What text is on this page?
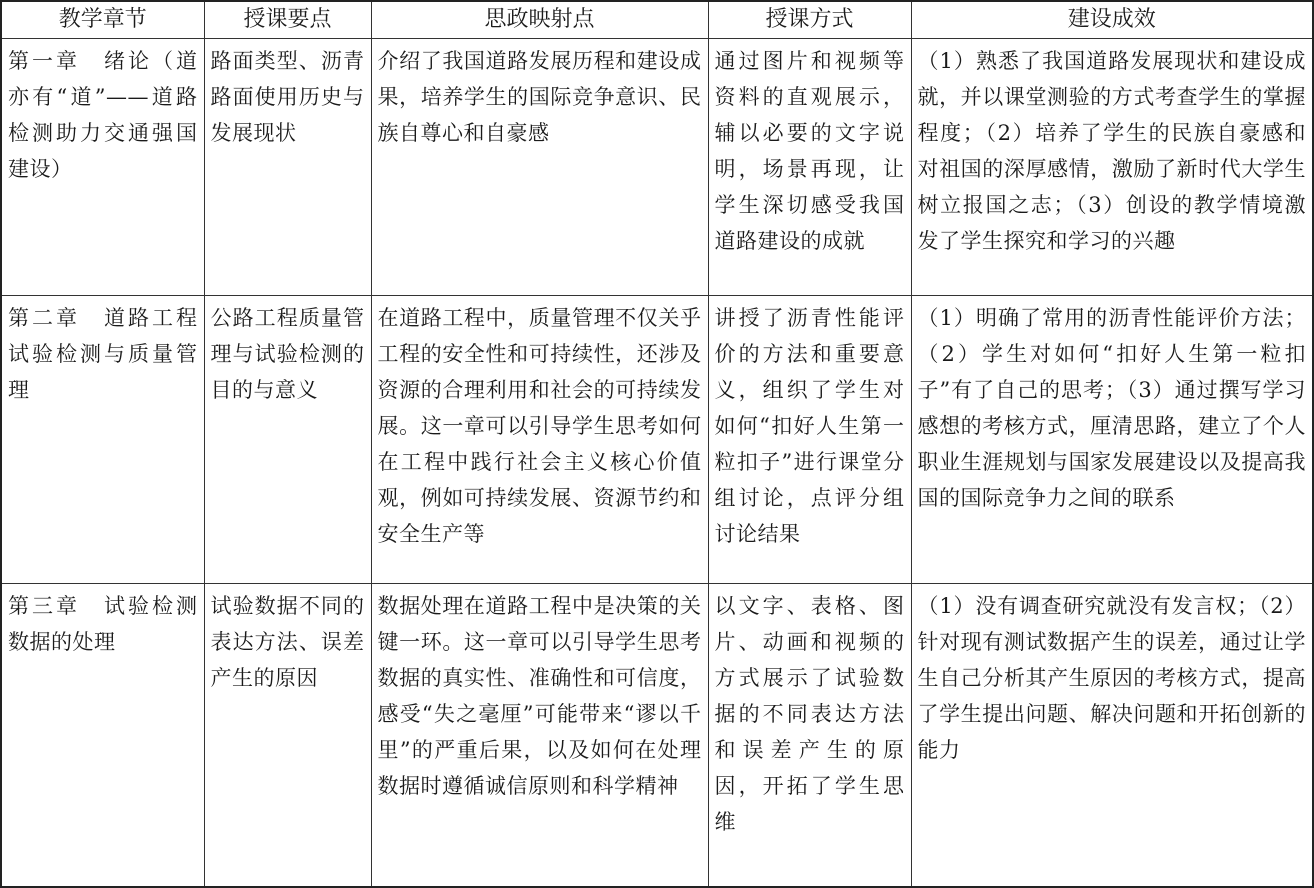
教学章节	授课要点	思政映射点	授课方式	建设成效
第一章　绪论（道亦有“道”——道路检测助力交通强国建设）	路面类型、沥青路面使用历史与发展现状	介绍了我国道路发展历程和建设成果，培养学生的国际竞争意识、民族自尊心和自豪感	通过图片和视频等资料的直观展示，辅以必要的文字说明，场景再现，让学生深切感受我国道路建设的成就	（1）熟悉了我国道路发展现状和建设成就，并以课堂测验的方式考查学生的掌握程度；（2）培养了学生的民族自豪感和对祖国的深厚感情，激励了新时代大学生树立报国之志；（3）创设的教学情境激发了学生探究和学习的兴趣
第二章　道路工程试验检测与质量管理	公路工程质量管理与试验检测的目的与意义	在道路工程中，质量管理不仅关乎工程的安全性和可持续性，还涉及资源的合理利用和社会的可持续发展。这一章可以引导学生思考如何在工程中践行社会主义核心价值观，例如可持续发展、资源节约和安全生产等	讲授了沥青性能评价的方法和重要意义，组织了学生对如何“扣好人生第一粒扣子”进行课堂分组讨论，点评分组讨论结果	（1）明确了常用的沥青性能评价方法；（2）学生对如何“扣好人生第一粒扣子”有了自己的思考；（3）通过撰写学习感想的考核方式，厘清思路，建立了个人职业生涯规划与国家发展建设以及提高我国的国际竞争力之间的联系
第三章　试验检测数据的处理	试验数据不同的表达方法、误差产生的原因	数据处理在道路工程中是决策的关键一环。这一章可以引导学生思考数据的真实性、准确性和可信度，感受“失之毫厘”可能带来“谬以千里”的严重后果，以及如何在处理数据时遵循诚信原则和科学精神	以文字、表格、图片、动画和视频的方式展示了试验数据的不同表达方法和误差产生的原因，开拓了学生思维	（1）没有调查研究就没有发言权；（2）针对现有测试数据产生的误差，通过让学生自己分析其产生原因的考核方式，提高了学生提出问题、解决问题和开拓创新的能力
